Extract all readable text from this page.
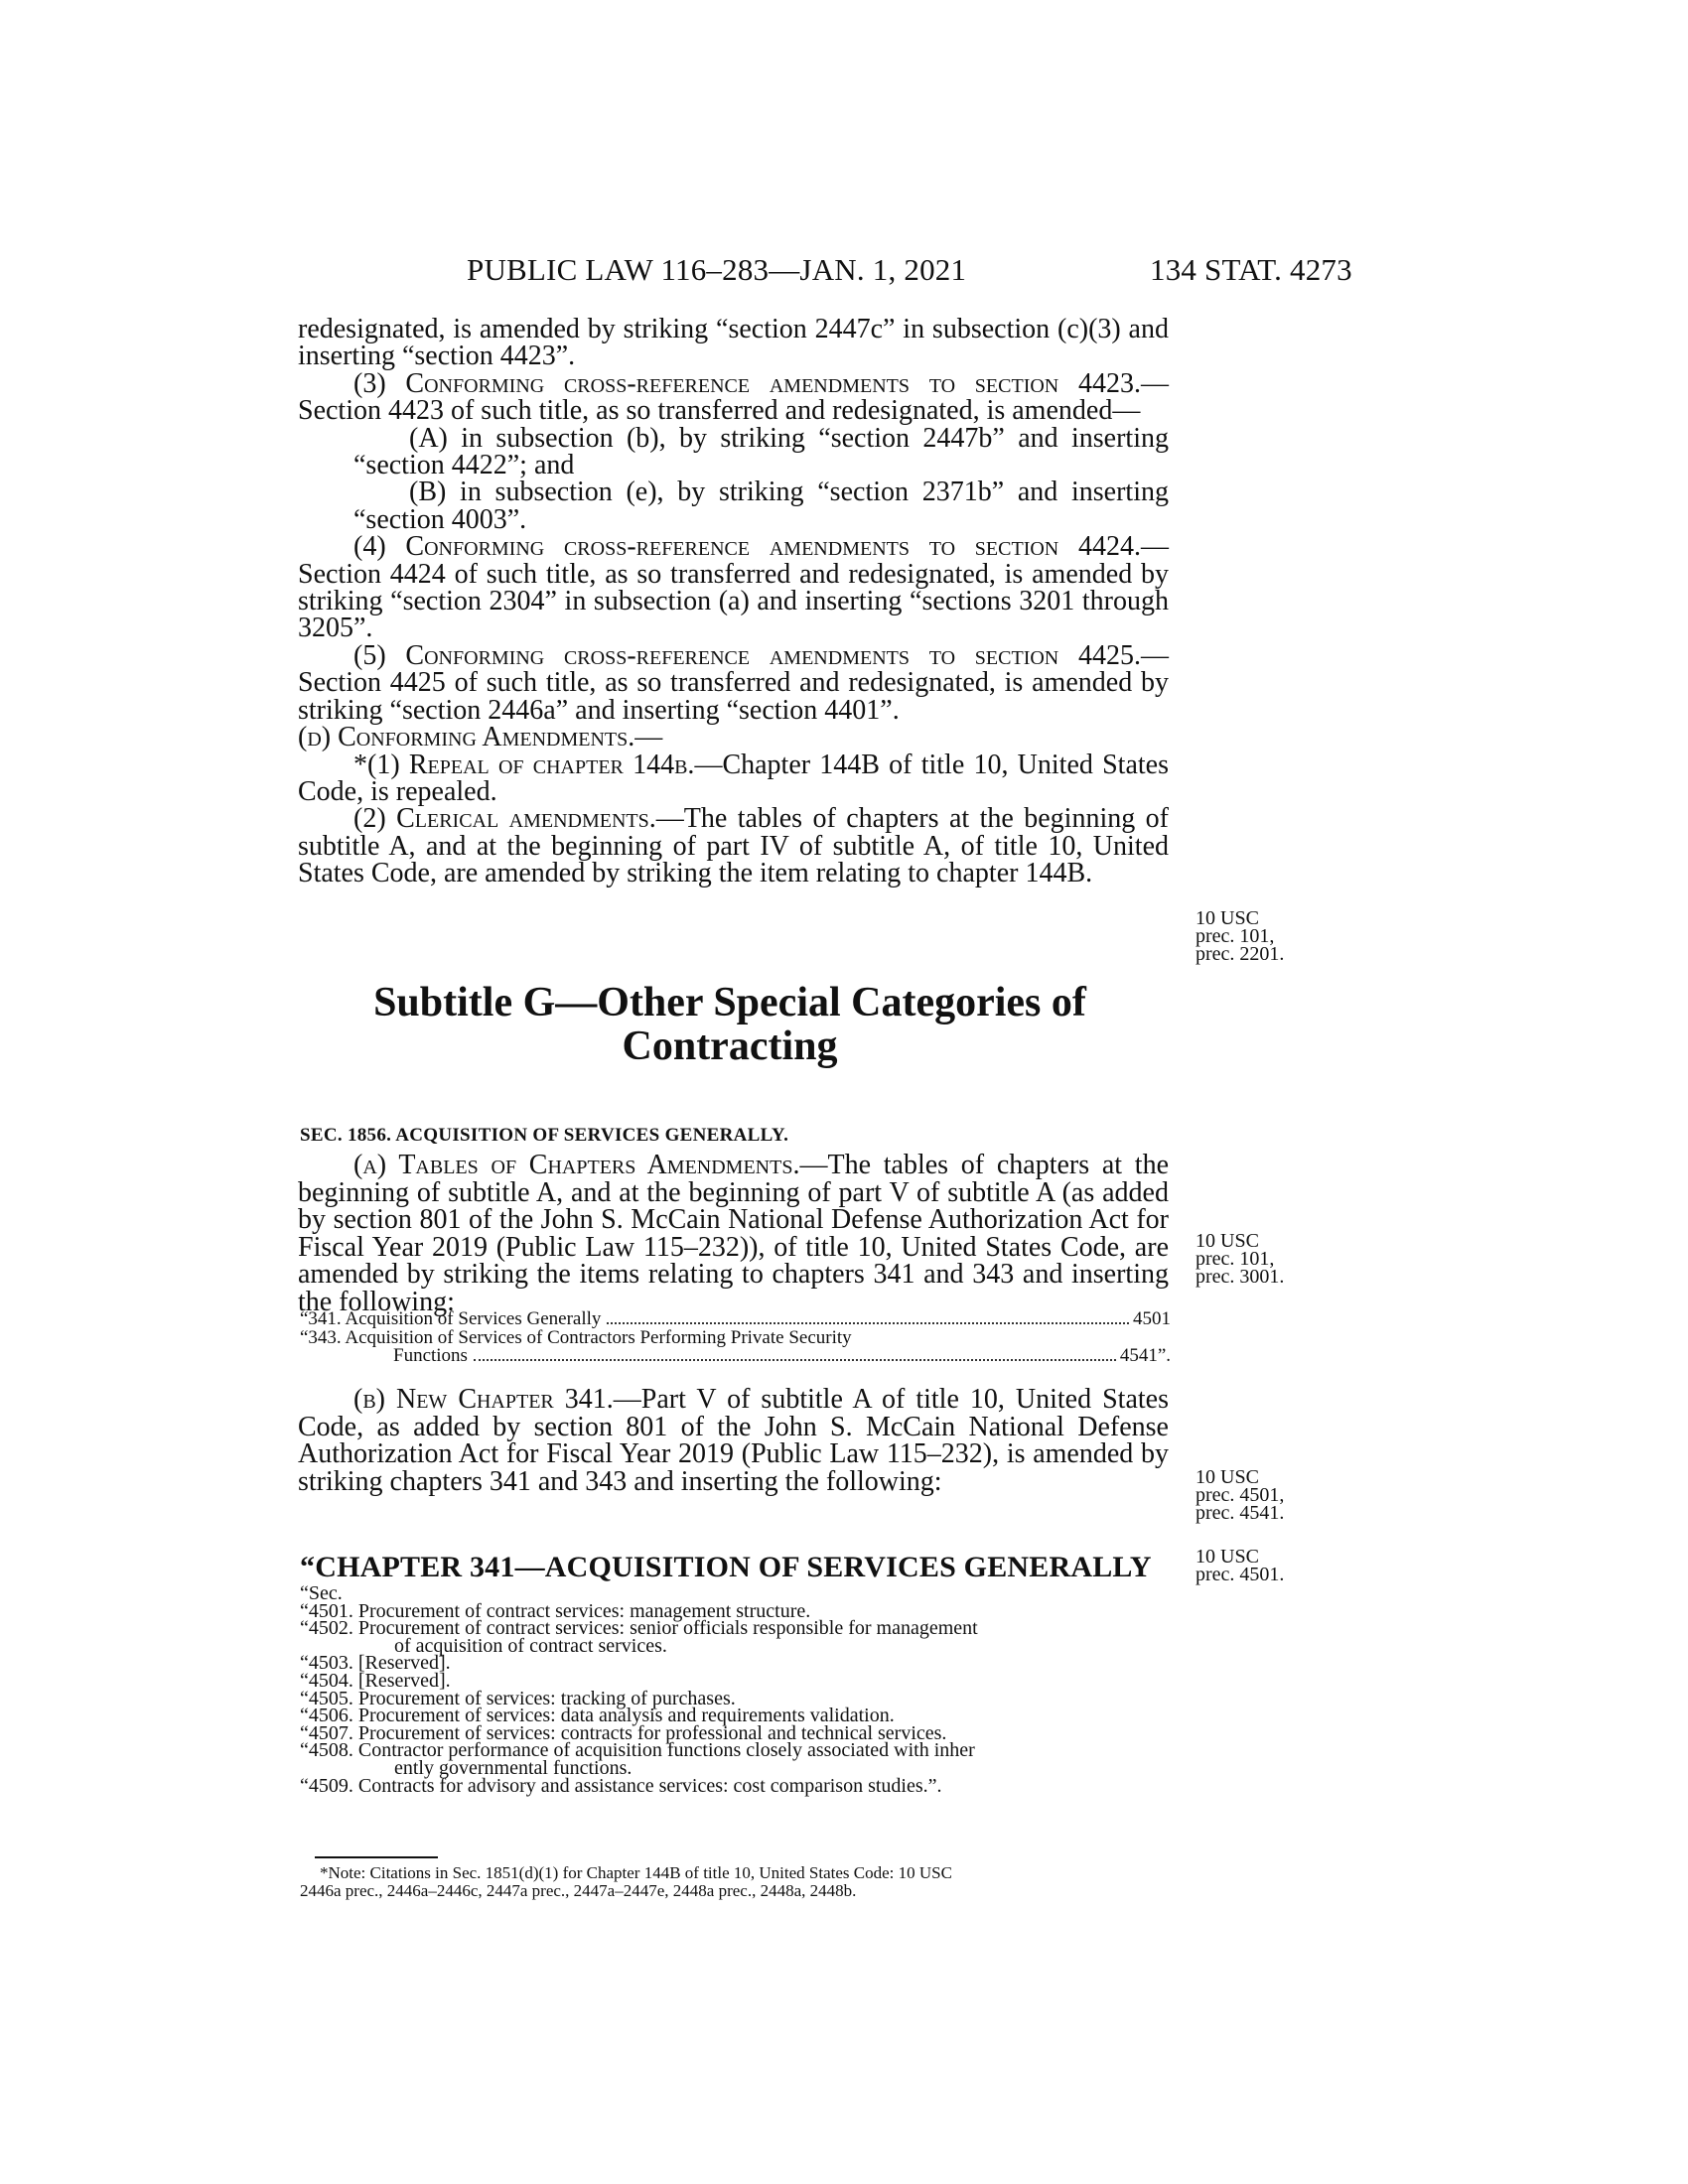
PUBLIC LAW 116–283—JAN. 1, 2021	134 STAT. 4273

redesignated, is amended by striking “section 2447c” in subsection (c)(3) and inserting “section 4423”.

(3) Conforming cross-reference amendments to section 4423.—Section 4423 of such title, as so transferred and redesignated, is amended—

(A) in subsection (b), by striking “section 2447b” and inserting “section 4422”; and

(B) in subsection (e), by striking “section 2371b” and inserting “section 4003”.

(4) Conforming cross-reference amendments to section 4424.—Section 4424 of such title, as so transferred and redesignated, is amended by striking “section 2304” in subsection (a) and inserting “sections 3201 through 3205”.

(5) Conforming cross-reference amendments to section 4425.—Section 4425 of such title, as so transferred and redesignated, is amended by striking “section 2446a” and inserting “section 4401”.

(d) Conforming Amendments.—

*(1) Repeal of chapter 144b.—Chapter 144B of title 10, United States Code, is repealed.

(2) Clerical amendments.—The tables of chapters at the beginning of subtitle A, and at the beginning of part IV of subtitle A, of title 10, United States Code, are amended by striking the item relating to chapter 144B.

10 USC
prec. 101,
prec. 2201.
Subtitle G—Other Special Categories of
Contracting
SEC. 1856. ACQUISITION OF SERVICES GENERALLY.

(a) Tables of Chapters Amendments.—The tables of chapters at the beginning of subtitle A, and at the beginning of part V of subtitle A (as added by section 801 of the John S. McCain National Defense Authorization Act for Fiscal Year 2019 (Public Law 115–232)), of title 10, United States Code, are amended by striking the items relating to chapters 341 and 343 and inserting the following:

10 USC
prec. 101,
prec. 3001.
“341. Acquisition of Services Generally	4501
“343. Acquisition of Services of Contractors Performing Private Security
Functions	4541”.

(b) New Chapter 341.—Part V of subtitle A of title 10, United States Code, as added by section 801 of the John S. McCain National Defense Authorization Act for Fiscal Year 2019 (Public Law 115–232), is amended by striking chapters 341 and 343 and inserting the following:	10 USC
prec. 4501,
prec. 4541.
“CHAPTER 341—ACQUISITION OF SERVICES GENERALLY 10 USC
prec. 4501.
“Sec.
“4501. Procurement of contract services: management structure.
“4502. Procurement of contract services: senior officials responsible for management
of acquisition of contract services.
“4503. [Reserved].
“4504. [Reserved].
“4505. Procurement of services: tracking of purchases.
“4506. Procurement of services: data analysis and requirements validation.
“4507. Procurement of services: contracts for professional and technical services.
“4508. Contractor performance of acquisition functions closely associated with inher
ently governmental functions.
“4509. Contracts for advisory and assistance services: cost comparison studies.”.
*Note: Citations in Sec. 1851(d)(1) for Chapter 144B of title 10, United States Code: 10 USC
2446a prec., 2446a–2446c, 2447a prec., 2447a–2447e, 2448a prec., 2448a, 2448b.
